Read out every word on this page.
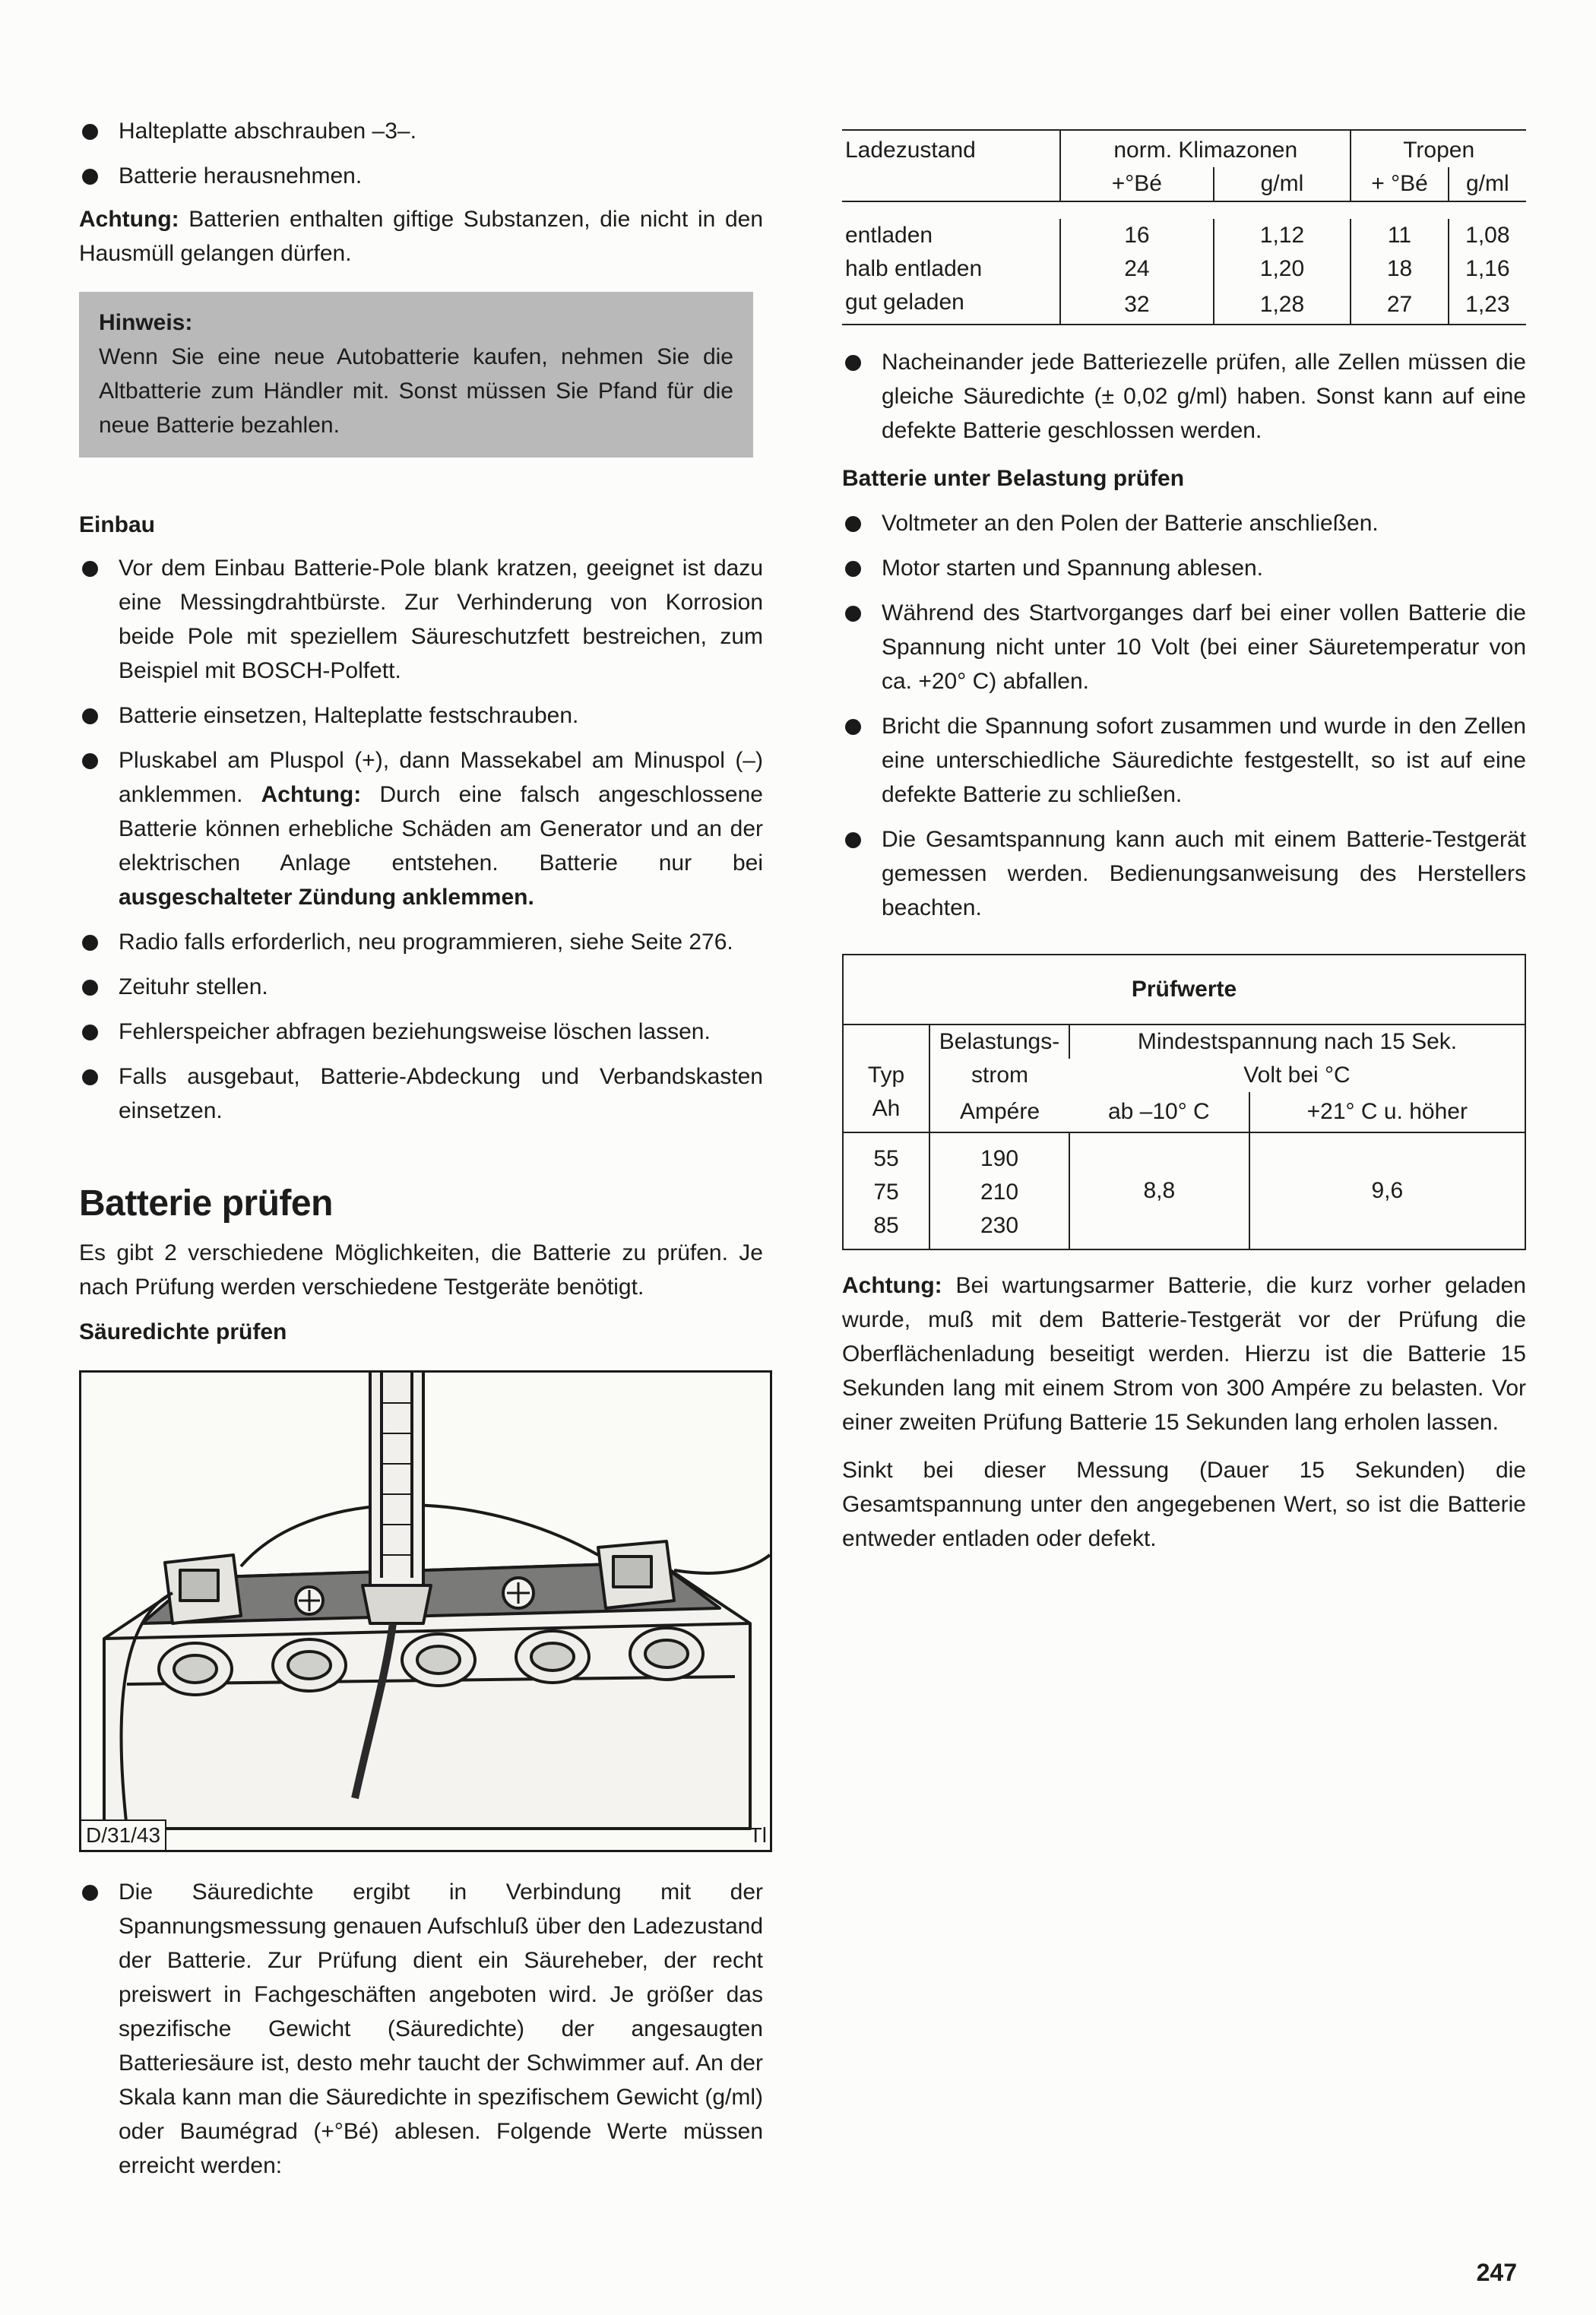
Halteplatte abschrauben –3–.
Batterie herausnehmen.

Achtung: Batterien enthalten giftige Substanzen, die nicht in den Hausmüll gelangen dürfen.

Hinweis:
Wenn Sie eine neue Autobatterie kaufen, nehmen Sie die Altbatterie zum Händler mit. Sonst müssen Sie Pfand für die neue Batterie bezahlen.
Einbau
Vor dem Einbau Batterie-Pole blank kratzen, geeignet ist dazu eine Messingdrahtbürste. Zur Verhinderung von Korrosion beide Pole mit speziellem Säureschutzfett bestreichen, zum Beispiel mit BOSCH-Polfett.
Batterie einsetzen, Halteplatte festschrauben.
Pluskabel am Pluspol (+), dann Massekabel am Minuspol (–) anklemmen. Achtung: Durch eine falsch angeschlossene Batterie können erhebliche Schäden am Generator und an der elektrischen Anlage entstehen. Batterie nur bei ausgeschalteter Zündung anklemmen.
Radio falls erforderlich, neu programmieren, siehe Seite 276.
Zeituhr stellen.
Fehlerspeicher abfragen beziehungsweise löschen lassen.
Falls ausgebaut, Batterie-Abdeckung und Verbandskasten einsetzen.
Batterie prüfen

Es gibt 2 verschiedene Möglichkeiten, die Batterie zu prüfen. Je nach Prüfung werden verschiedene Testgeräte benötigt.

Säuredichte prüfen
D/31/43	Tl
Die Säuredichte ergibt in Verbindung mit der Spannungsmessung genauen Aufschluß über den Ladezustand der Batterie. Zur Prüfung dient ein Säureheber, der recht preiswert in Fachgeschäften angeboten wird. Je größer das spezifische Gewicht (Säuredichte) der angesaugten Batteriesäure ist, desto mehr taucht der Schwimmer auf. An der Skala kann man die Säuredichte in spezifischem Gewicht (g/ml) oder Baumégrad (+°Bé) ablesen. Folgende Werte müssen erreicht werden:
Ladezustand	norm. Klimazonen		Tropen	
	+°Bé	g/ml	+ °Bé	g/ml

entladen	16	1,12	11	1,08
halb entladen	24	1,20	18	1,16
gut geladen	32	1,28	27	1,23
Nacheinander jede Batteriezelle prüfen, alle Zellen müssen die gleiche Säuredichte (± 0,02 g/ml) haben. Sonst kann auf eine defekte Batterie geschlossen werden.
Batterie unter Belastung prüfen
Voltmeter an den Polen der Batterie anschließen.
Motor starten und Spannung ablesen.
Während des Startvorganges darf bei einer vollen Batterie die Spannung nicht unter 10 Volt (bei einer Säuretemperatur von ca. +20° C) abfallen.
Bricht die Spannung sofort zusammen und wurde in den Zellen eine unterschiedliche Säuredichte festgestellt, so ist auf eine defekte Batterie zu schließen.
Die Gesamtspannung kann auch mit einem Batterie-Testgerät gemessen werden. Bedienungsanweisung des Herstellers beachten.
Prüfwerte			
	Belastungs-	Mindestspannung nach 15 Sek.	
Typ	strom	Volt bei °C	
Ah	Ampére	ab –10° C	+21° C u. höher
55	190	8,8	9,6
75	210		
85	230		

Achtung: Bei wartungsarmer Batterie, die kurz vorher geladen wurde, muß mit dem Batterie-Testgerät vor der Prüfung die Oberflächenladung beseitigt werden. Hierzu ist die Batterie 15 Sekunden lang mit einem Strom von 300 Ampére zu belasten. Vor einer zweiten Prüfung Batterie 15 Sekunden lang erholen lassen.

Sinkt bei dieser Messung (Dauer 15 Sekunden) die Gesamtspannung unter den angegebenen Wert, so ist die Batterie entweder entladen oder defekt.

247
